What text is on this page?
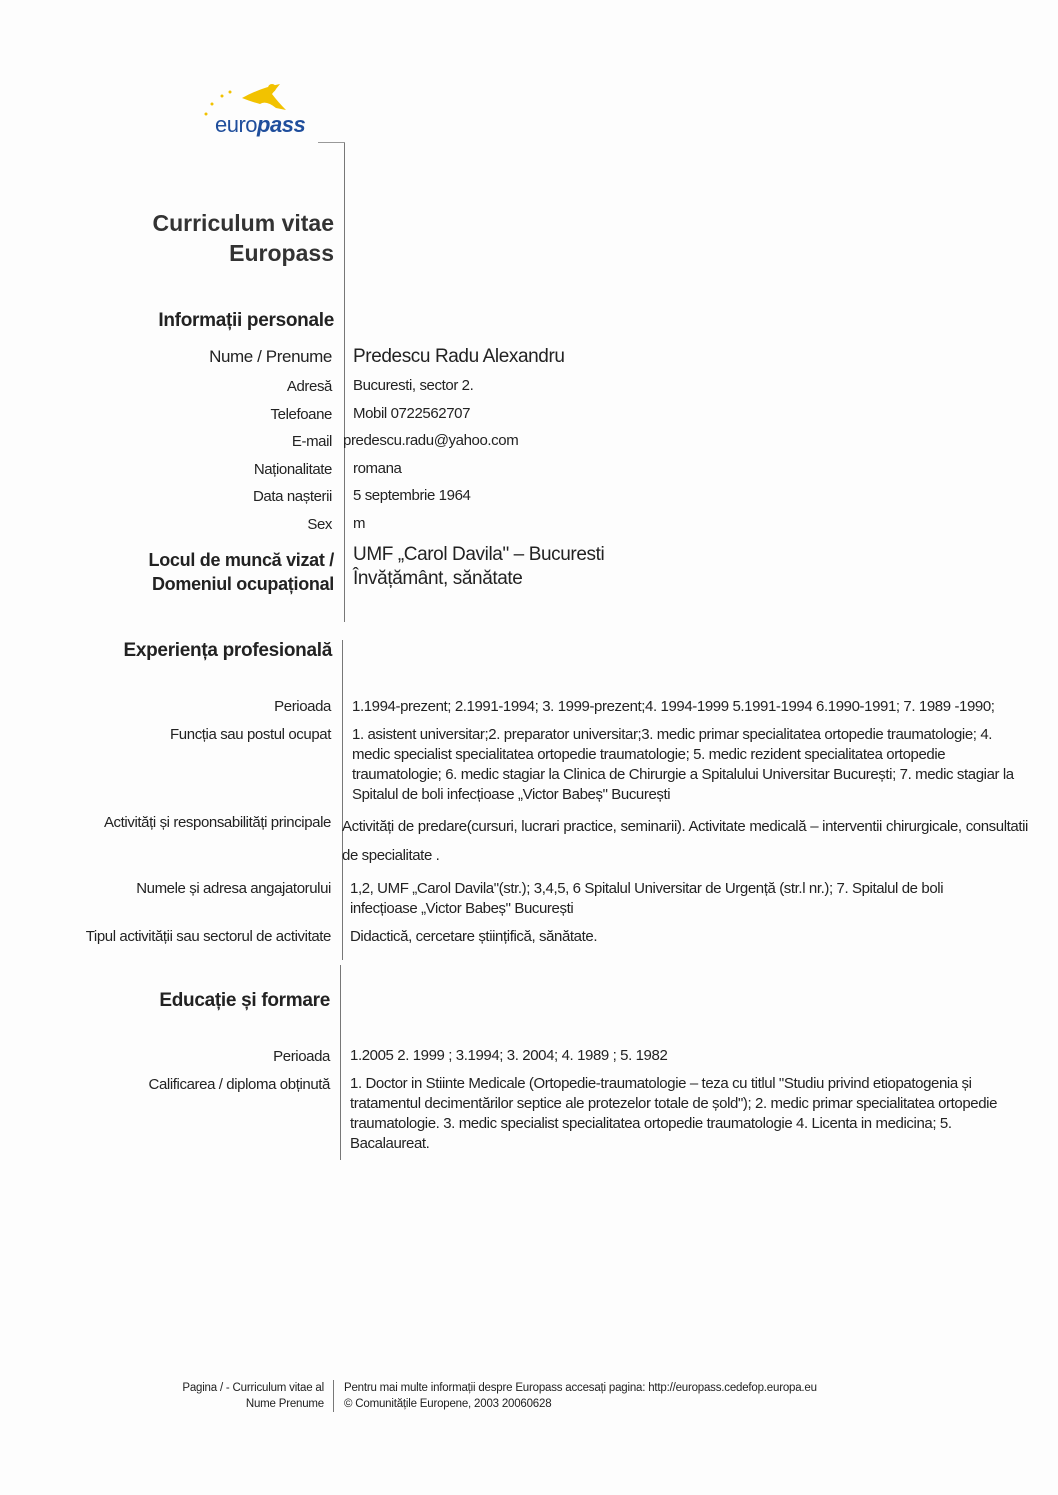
europass
Curriculum vitae
Europass
Informații personale
Nume / Prenume Predescu Radu Alexandru
Adresă Bucuresti, sector 2.
Telefoane Mobil 0722562707
E-mail predescu.radu@yahoo.com
Naționalitate romana
Data nașterii 5 septembrie 1964
Sex m
Locul de muncă vizat /
Domeniul ocupațional
UMF „Carol Davila" – Bucuresti
Învățământ, sănătate
Experiența profesională
Perioada 1.1994-prezent; 2.1991-1994; 3. 1999-prezent;4. 1994-1999 5.1991-1994 6.1990-1991; 7. 1989 -1990;
Funcția sau postul ocupat 1. asistent universitar;2. preparator universitar;3. medic primar specialitatea ortopedie traumatologie; 4. medic specialist specialitatea ortopedie traumatologie; 5. medic rezident specialitatea ortopedie traumatologie; 6. medic stagiar la Clinica de Chirurgie a Spitalului Universitar București; 7. medic stagiar la Spitalul de boli infecțioase „Victor Babeș" București
Activități și responsabilități principale Activități de predare(cursuri, lucrari practice, seminarii). Activitate medicală – interventii chirurgicale, consultatii de specialitate .
Numele și adresa angajatorului 1,2, UMF „Carol Davila"(str.); 3,4,5, 6 Spitalul Universitar de Urgență (str.l nr.); 7. Spitalul de boli infecțioase „Victor Babeș" București
Tipul activității sau sectorul de activitate Didactică, cercetare științifică, sănătate.
Educație și formare
Perioada 1.2005 2. 1999 ; 3.1994; 3. 2004; 4. 1989 ; 5. 1982
Calificarea / diploma obținută 1. Doctor in Stiinte Medicale (Ortopedie-traumatologie – teza cu titlul "Studiu privind etiopatogenia și tratamentul decimentărilor septice ale protezelor totale de șold"); 2. medic primar specialitatea ortopedie traumatologie. 3. medic specialist specialitatea ortopedie traumatologie 4. Licenta in medicina; 5. Bacalaureat.
Pagina / - Curriculum vitae al
Nume Prenume
Pentru mai multe informații despre Europass accesați pagina: http://europass.cedefop.europa.eu
© Comunitățile Europene, 2003 20060628
